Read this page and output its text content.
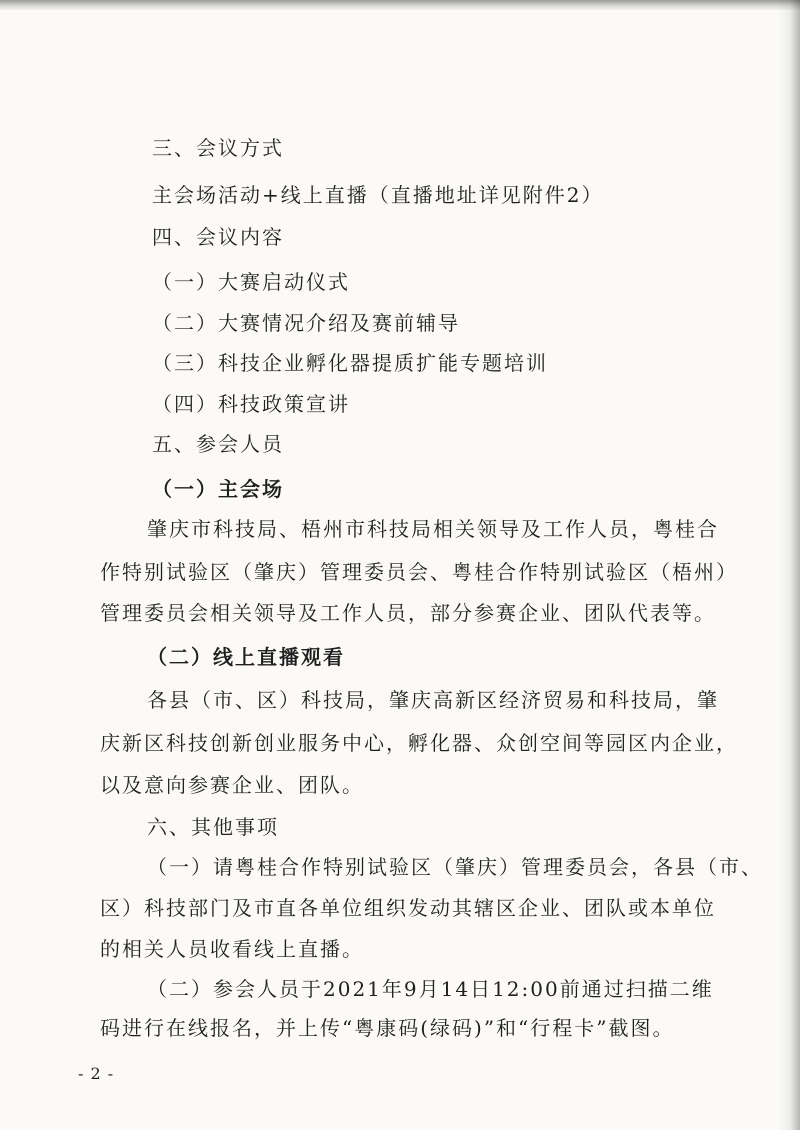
三、会议方式
主会场活动+线上直播（直播地址详见附件2）
四、会议内容
（一）大赛启动仪式
（二）大赛情况介绍及赛前辅导
（三）科技企业孵化器提质扩能专题培训
（四）科技政策宣讲
五、参会人员
（一）主会场
肇庆市科技局、梧州市科技局相关领导及工作人员，粤桂合
作特别试验区（肇庆）管理委员会、粤桂合作特别试验区（梧州）
管理委员会相关领导及工作人员，部分参赛企业、团队代表等。
（二）线上直播观看
各县（市、区）科技局，肇庆高新区经济贸易和科技局，肇
庆新区科技创新创业服务中心，孵化器、众创空间等园区内企业，
以及意向参赛企业、团队。
六、其他事项
（一）请粤桂合作特别试验区（肇庆）管理委员会，各县（市、
区）科技部门及市直各单位组织发动其辖区企业、团队或本单位
的相关人员收看线上直播。
（二）参会人员于2021年9月14日12:00前通过扫描二维
码进行在线报名，并上传“粤康码(绿码)”和“行程卡”截图。
- 2 -
